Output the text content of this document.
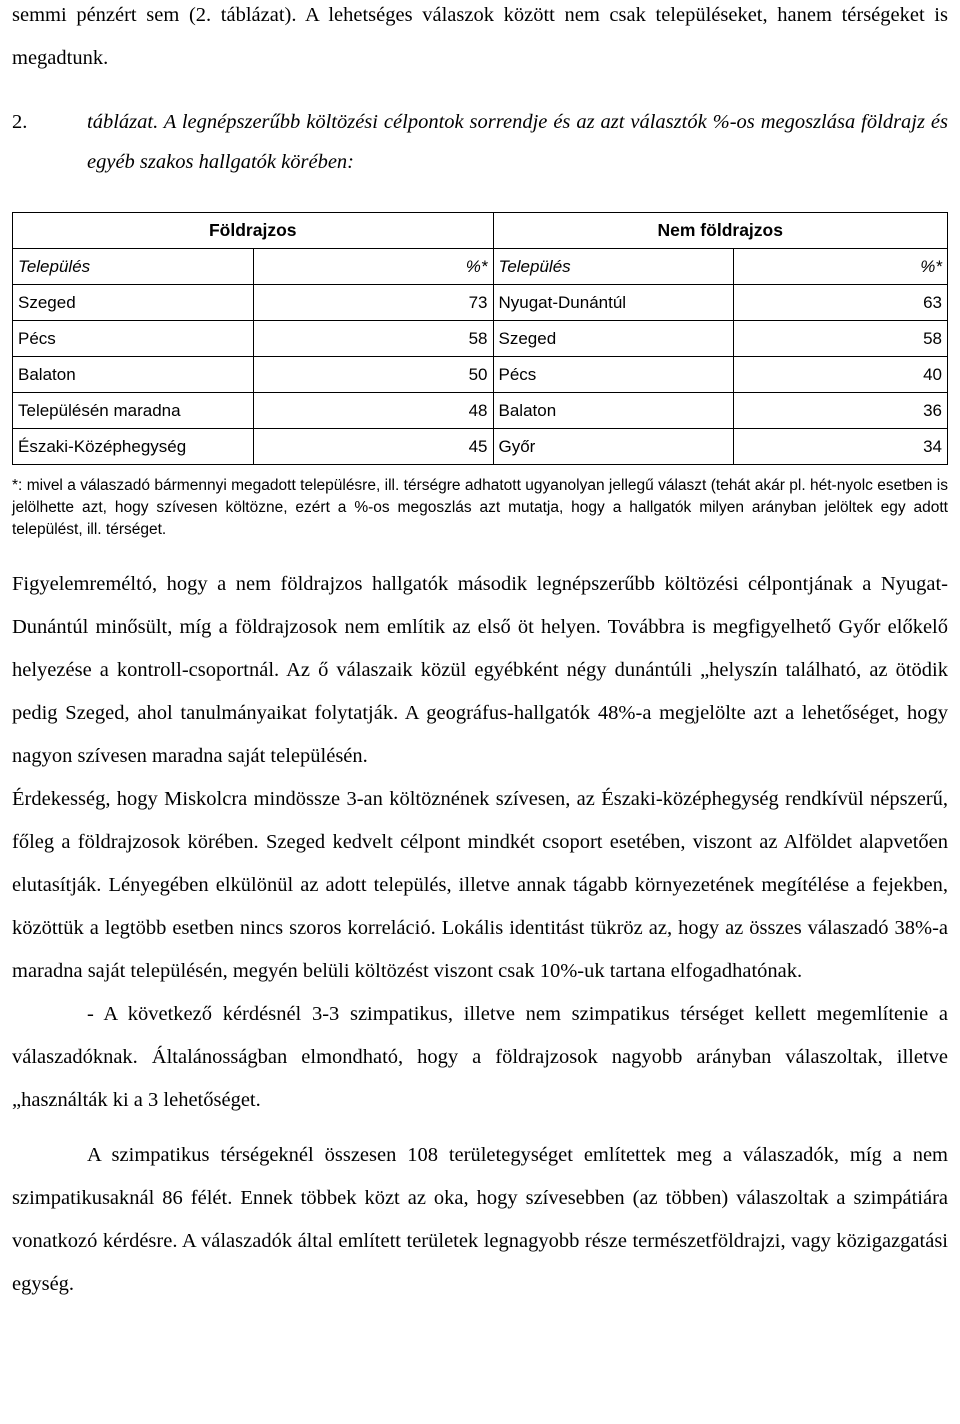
semmi pénzért sem (2. táblázat). A lehetséges válaszok között nem csak településeket, hanem térségeket is megadtunk.

2.	táblázat. A legnépszerűbb költözési célpontok sorrendje és az azt választók %-os megoszlása földrajz és egyéb szakos hallgatók körében:

Földrajzos		Nem földrajzos	
Település	%*	Település	%*
Szeged	73	Nyugat-Dunántúl	63
Pécs	58	Szeged	58
Balaton	50	Pécs	40
Településén maradna	48	Balaton	36
Északi-Középhegység	45	Győr	34

*: mivel a válaszadó bármennyi megadott településre, ill. térségre adhatott ugyanolyan jellegű választ (tehát akár pl. hét-nyolc esetben is jelölhette azt, hogy szívesen költözne, ezért a %-os megoszlás azt mutatja, hogy a hallgatók milyen arányban jelöltek egy adott települést, ill. térséget.

Figyelemreméltó, hogy a nem földrajzos hallgatók második legnépszerűbb költözési célpontjának a Nyugat-Dunántúl minősült, míg a földrajzosok nem említik az első öt helyen. Továbbra is megfigyelhető Győr előkelő helyezése a kontroll-csoportnál. Az ő válaszaik közül egyébként négy dunántúli „helyszín található, az ötödik pedig Szeged, ahol tanulmányaikat folytatják. A geográfus-hallgatók 48%-a megjelölte azt a lehetőséget, hogy nagyon szívesen maradna saját településén.

Érdekesség, hogy Miskolcra mindössze 3-an költöznének szívesen, az Északi-középhegység rendkívül népszerű, főleg a földrajzosok körében. Szeged kedvelt célpont mindkét csoport esetében, viszont az Alföldet alapvetően elutasítják. Lényegében elkülönül az adott település, illetve annak tágabb környezetének megítélése a fejekben, közöttük a legtöbb esetben nincs szoros korreláció. Lokális identitást tükröz az, hogy az összes válaszadó 38%-a maradna saját településén, megyén belüli költözést viszont csak 10%-uk tartana elfogadhatónak.

- A következő kérdésnél 3-3 szimpatikus, illetve nem szimpatikus térséget kellett megemlítenie a válaszadóknak. Általánosságban elmondható, hogy a földrajzosok nagyobb arányban válaszoltak, illetve „használták ki a 3 lehetőséget.

A szimpatikus térségeknél összesen 108 területegységet említettek meg a válaszadók, míg a nem szimpatikusaknál 86 félét. Ennek többek közt az oka, hogy szívesebben (az többen) válaszoltak a szimpátiára vonatkozó kérdésre. A válaszadók által említett területek legnagyobb része természetföldrajzi, vagy közigazgatási egység.
